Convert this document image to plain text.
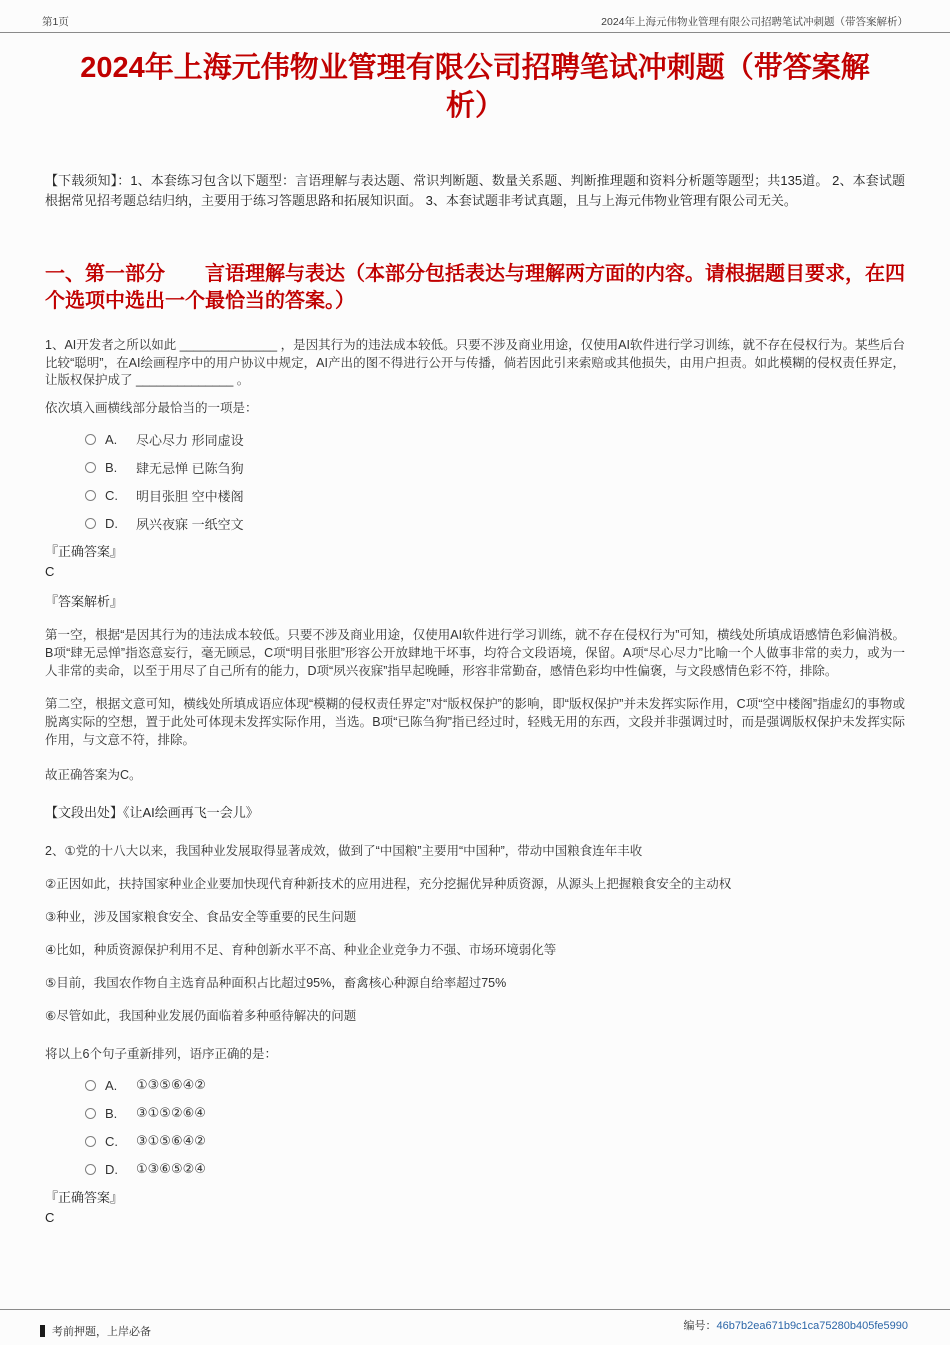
第1页	2024年上海元伟物业管理有限公司招聘笔试冲刺题（带答案解析）
2024年上海元伟物业管理有限公司招聘笔试冲刺题（带答案解析）

【下载须知】：1、本套练习包含以下题型：言语理解与表达题、常识判断题、数量关系题、判断推理题和资料分析题等题型；共135道。 2、本套试题根据常见招考题总结归纳，主要用于练习答题思路和拓展知识面。 3、本套试题非考试真题，且与上海元伟物业管理有限公司无关。

一、第一部分　　言语理解与表达（本部分包括表达与理解两方面的内容。请根据题目要求，在四个选项中选出一个最恰当的答案。）

1、AI开发者之所以如此 ______________ ，是因其行为的违法成本较低。只要不涉及商业用途，仅使用AI软件进行学习训练，就不存在侵权行为。某些后台比较“聪明”，在AI绘画程序中的用户协议中规定，AI产出的图不得进行公开与传播，倘若因此引来索赔或其他损失，由用户担责。如此模糊的侵权责任界定，让版权保护成了 ______________ 。

依次填入画横线部分最恰当的一项是：

A.	尽心尽力 形同虚设
B.	肆无忌惮 已陈刍狗
C.	明目张胆 空中楼阁
D.	夙兴夜寐 一纸空文

『正确答案』

C

『答案解析』

第一空，根据“是因其行为的违法成本较低。只要不涉及商业用途，仅使用AI软件进行学习训练，就不存在侵权行为”可知，横线处所填成语感情色彩偏消极。B项“肆无忌惮”指恣意妄行，毫无顾忌，C项“明目张胆”形容公开放肆地干坏事，均符合文段语境，保留。A项“尽心尽力”比喻一个人做事非常的卖力，或为一人非常的卖命，以至于用尽了自己所有的能力，D项“夙兴夜寐”指早起晚睡，形容非常勤奋，感情色彩均中性偏褒，与文段感情色彩不符，排除。

第二空，根据文意可知，横线处所填成语应体现“模糊的侵权责任界定”对“版权保护”的影响，即“版权保护”并未发挥实际作用，C项“空中楼阁”指虚幻的事物或脱离实际的空想，置于此处可体现未发挥实际作用，当选。B项“已陈刍狗”指已经过时，轻贱无用的东西，文段并非强调过时，而是强调版权保护未发挥实际作用，与文意不符，排除。

故正确答案为C。

【文段出处】《让AI绘画再飞一会儿》

2、①党的十八大以来，我国种业发展取得显著成效，做到了“中国粮”主要用“中国种”，带动中国粮食连年丰收

②正因如此，扶持国家种业企业要加快现代育种新技术的应用进程，充分挖掘优异种质资源，从源头上把握粮食安全的主动权

③种业，涉及国家粮食安全、食品安全等重要的民生问题

④比如，种质资源保护利用不足、育种创新水平不高、种业企业竞争力不强、市场环境弱化等

⑤目前，我国农作物自主选育品种面积占比超过95%，畜禽核心种源自给率超过75%

⑥尽管如此，我国种业发展仍面临着多种亟待解决的问题

将以上6个句子重新排列，语序正确的是：

A.	①③⑤⑥④②
B.	③①⑤②⑥④
C.	③①⑤⑥④②
D.	①③⑥⑤②④

『正确答案』

C

考前押题，上岸必备	编号：46b7b2ea671b9c1ca75280b405fe5990
